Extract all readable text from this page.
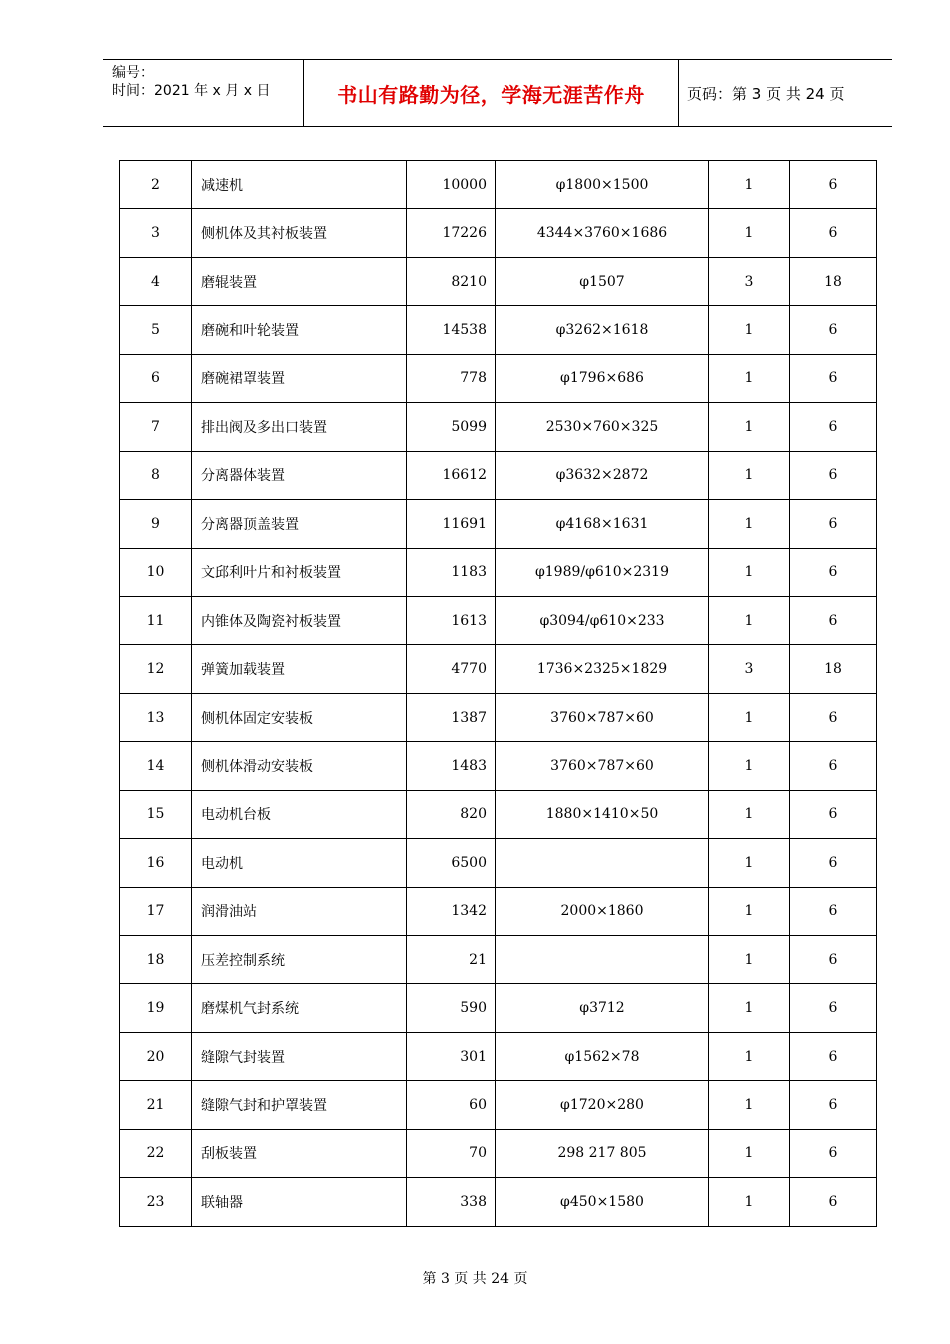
编号：
时间：2021 年 x 月 x 日	书山有路勤为径，学海无涯苦作舟	页码：第 3 页 共 24 页
2	减速机	10000	φ1800×1500	1	6
3	侧机体及其衬板装置	17226	4344×3760×1686	1	6
4	磨辊装置	8210	φ1507	3	18
5	磨碗和叶轮装置	14538	φ3262×1618	1	6
6	磨碗裙罩装置	778	φ1796×686	1	6
7	排出阀及多出口装置	5099	2530×760×325	1	6
8	分离器体装置	16612	φ3632×2872	1	6
9	分离器顶盖装置	11691	φ4168×1631	1	6
10	文邱利叶片和衬板装置	1183	φ1989/φ610×2319	1	6
11	内锥体及陶瓷衬板装置	1613	φ3094/φ610×233	1	6
12	弹簧加载装置	4770	1736×2325×1829	3	18
13	侧机体固定安装板	1387	3760×787×60	1	6
14	侧机体滑动安装板	1483	3760×787×60	1	6
15	电动机台板	820	1880×1410×50	1	6
16	电动机	6500		1	6
17	润滑油站	1342	2000×1860	1	6
18	压差控制系统	21		1	6
19	磨煤机气封系统	590	φ3712	1	6
20	缝隙气封装置	301	φ1562×78	1	6
21	缝隙气封和护罩装置	60	φ1720×280	1	6
22	刮板装置	70	298 217 805	1	6
23	联轴器	338	φ450×1580	1	6
第 3 页 共 24 页
